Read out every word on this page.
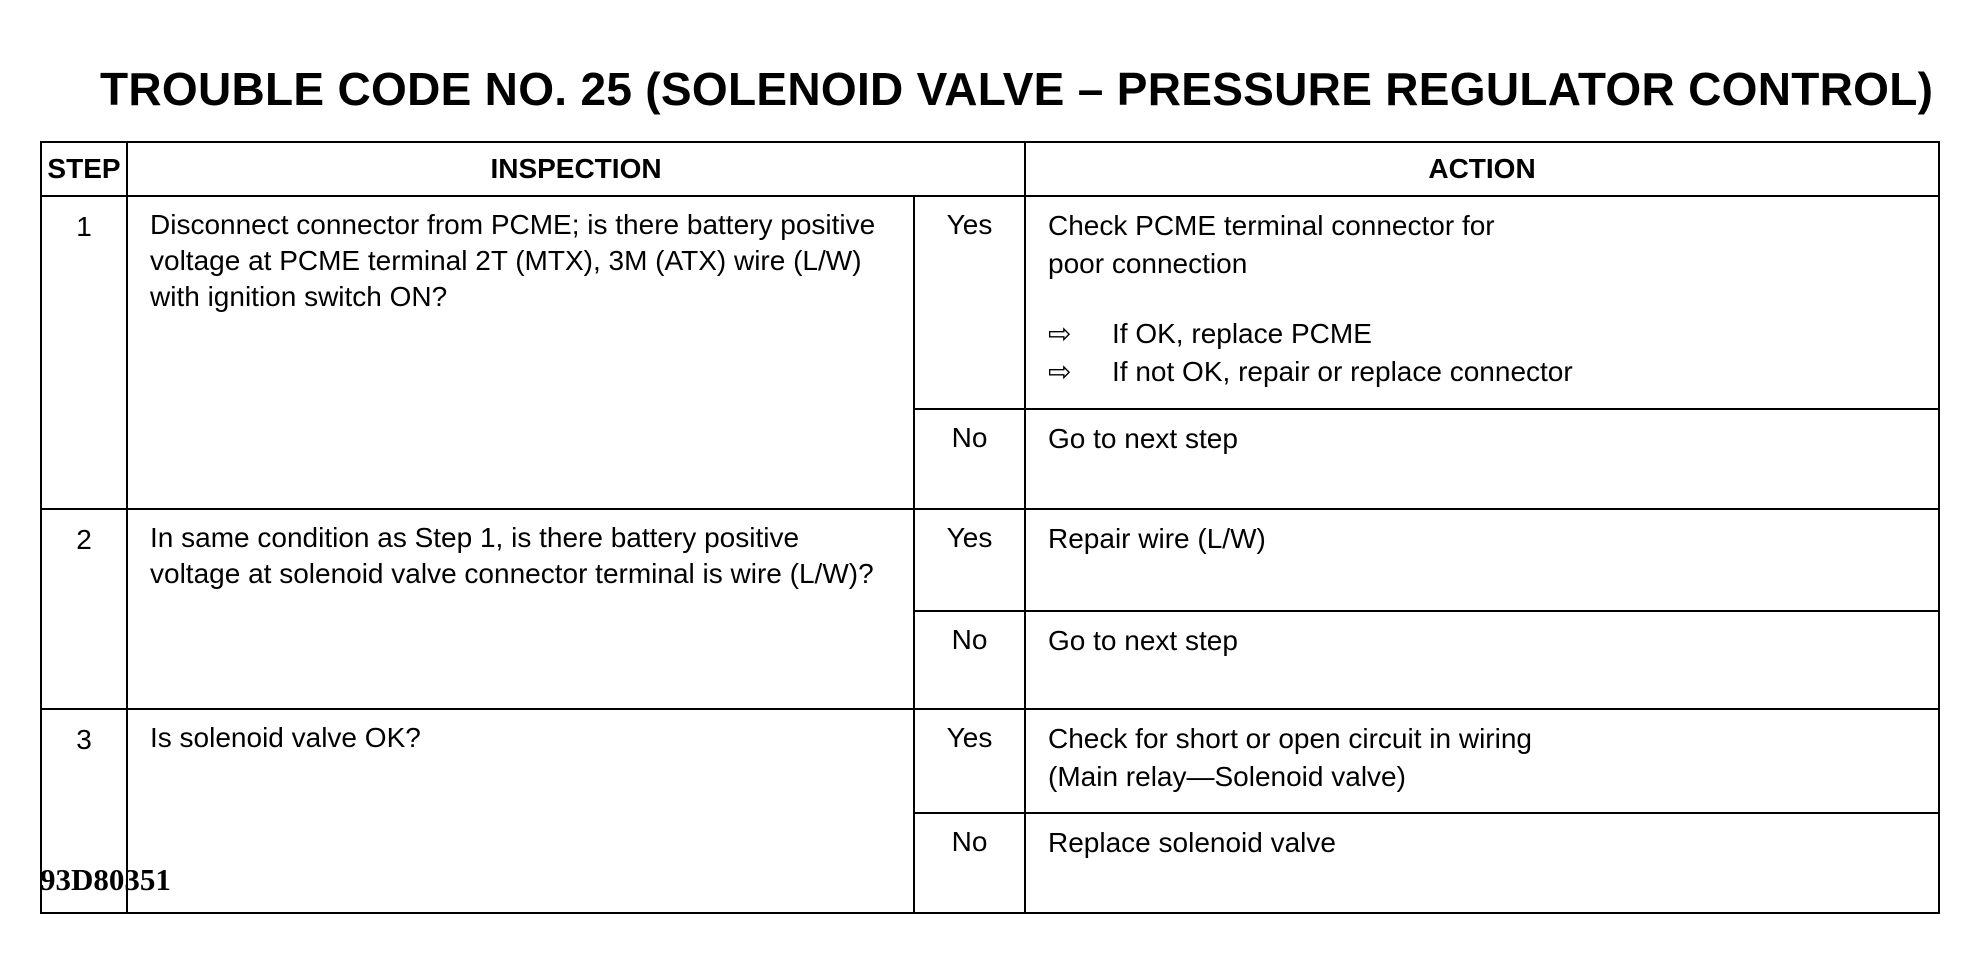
TROUBLE CODE NO. 25 (SOLENOID VALVE – PRESSURE REGULATOR CONTROL)
STEP	INSPECTION		ACTION
1	Disconnect connector from PCME; is there battery positive voltage at PCME terminal 2T (MTX), 3M (ATX) wire (L/W) with ignition switch ON?	Yes	Check PCME terminal connector for
poor connection
⇨ If OK, replace PCME
⇨ If not OK, repair or replace connector

		No	Go to next step
2	In same condition as Step 1, is there battery positive voltage at solenoid valve connector terminal is wire (L/W)?	Yes	Repair wire (L/W)
		No	Go to next step
3	Is solenoid valve OK?	Yes	Check for short or open circuit in wiring
(Main relay—Solenoid valve)

		No	Replace solenoid valve
93D80351
